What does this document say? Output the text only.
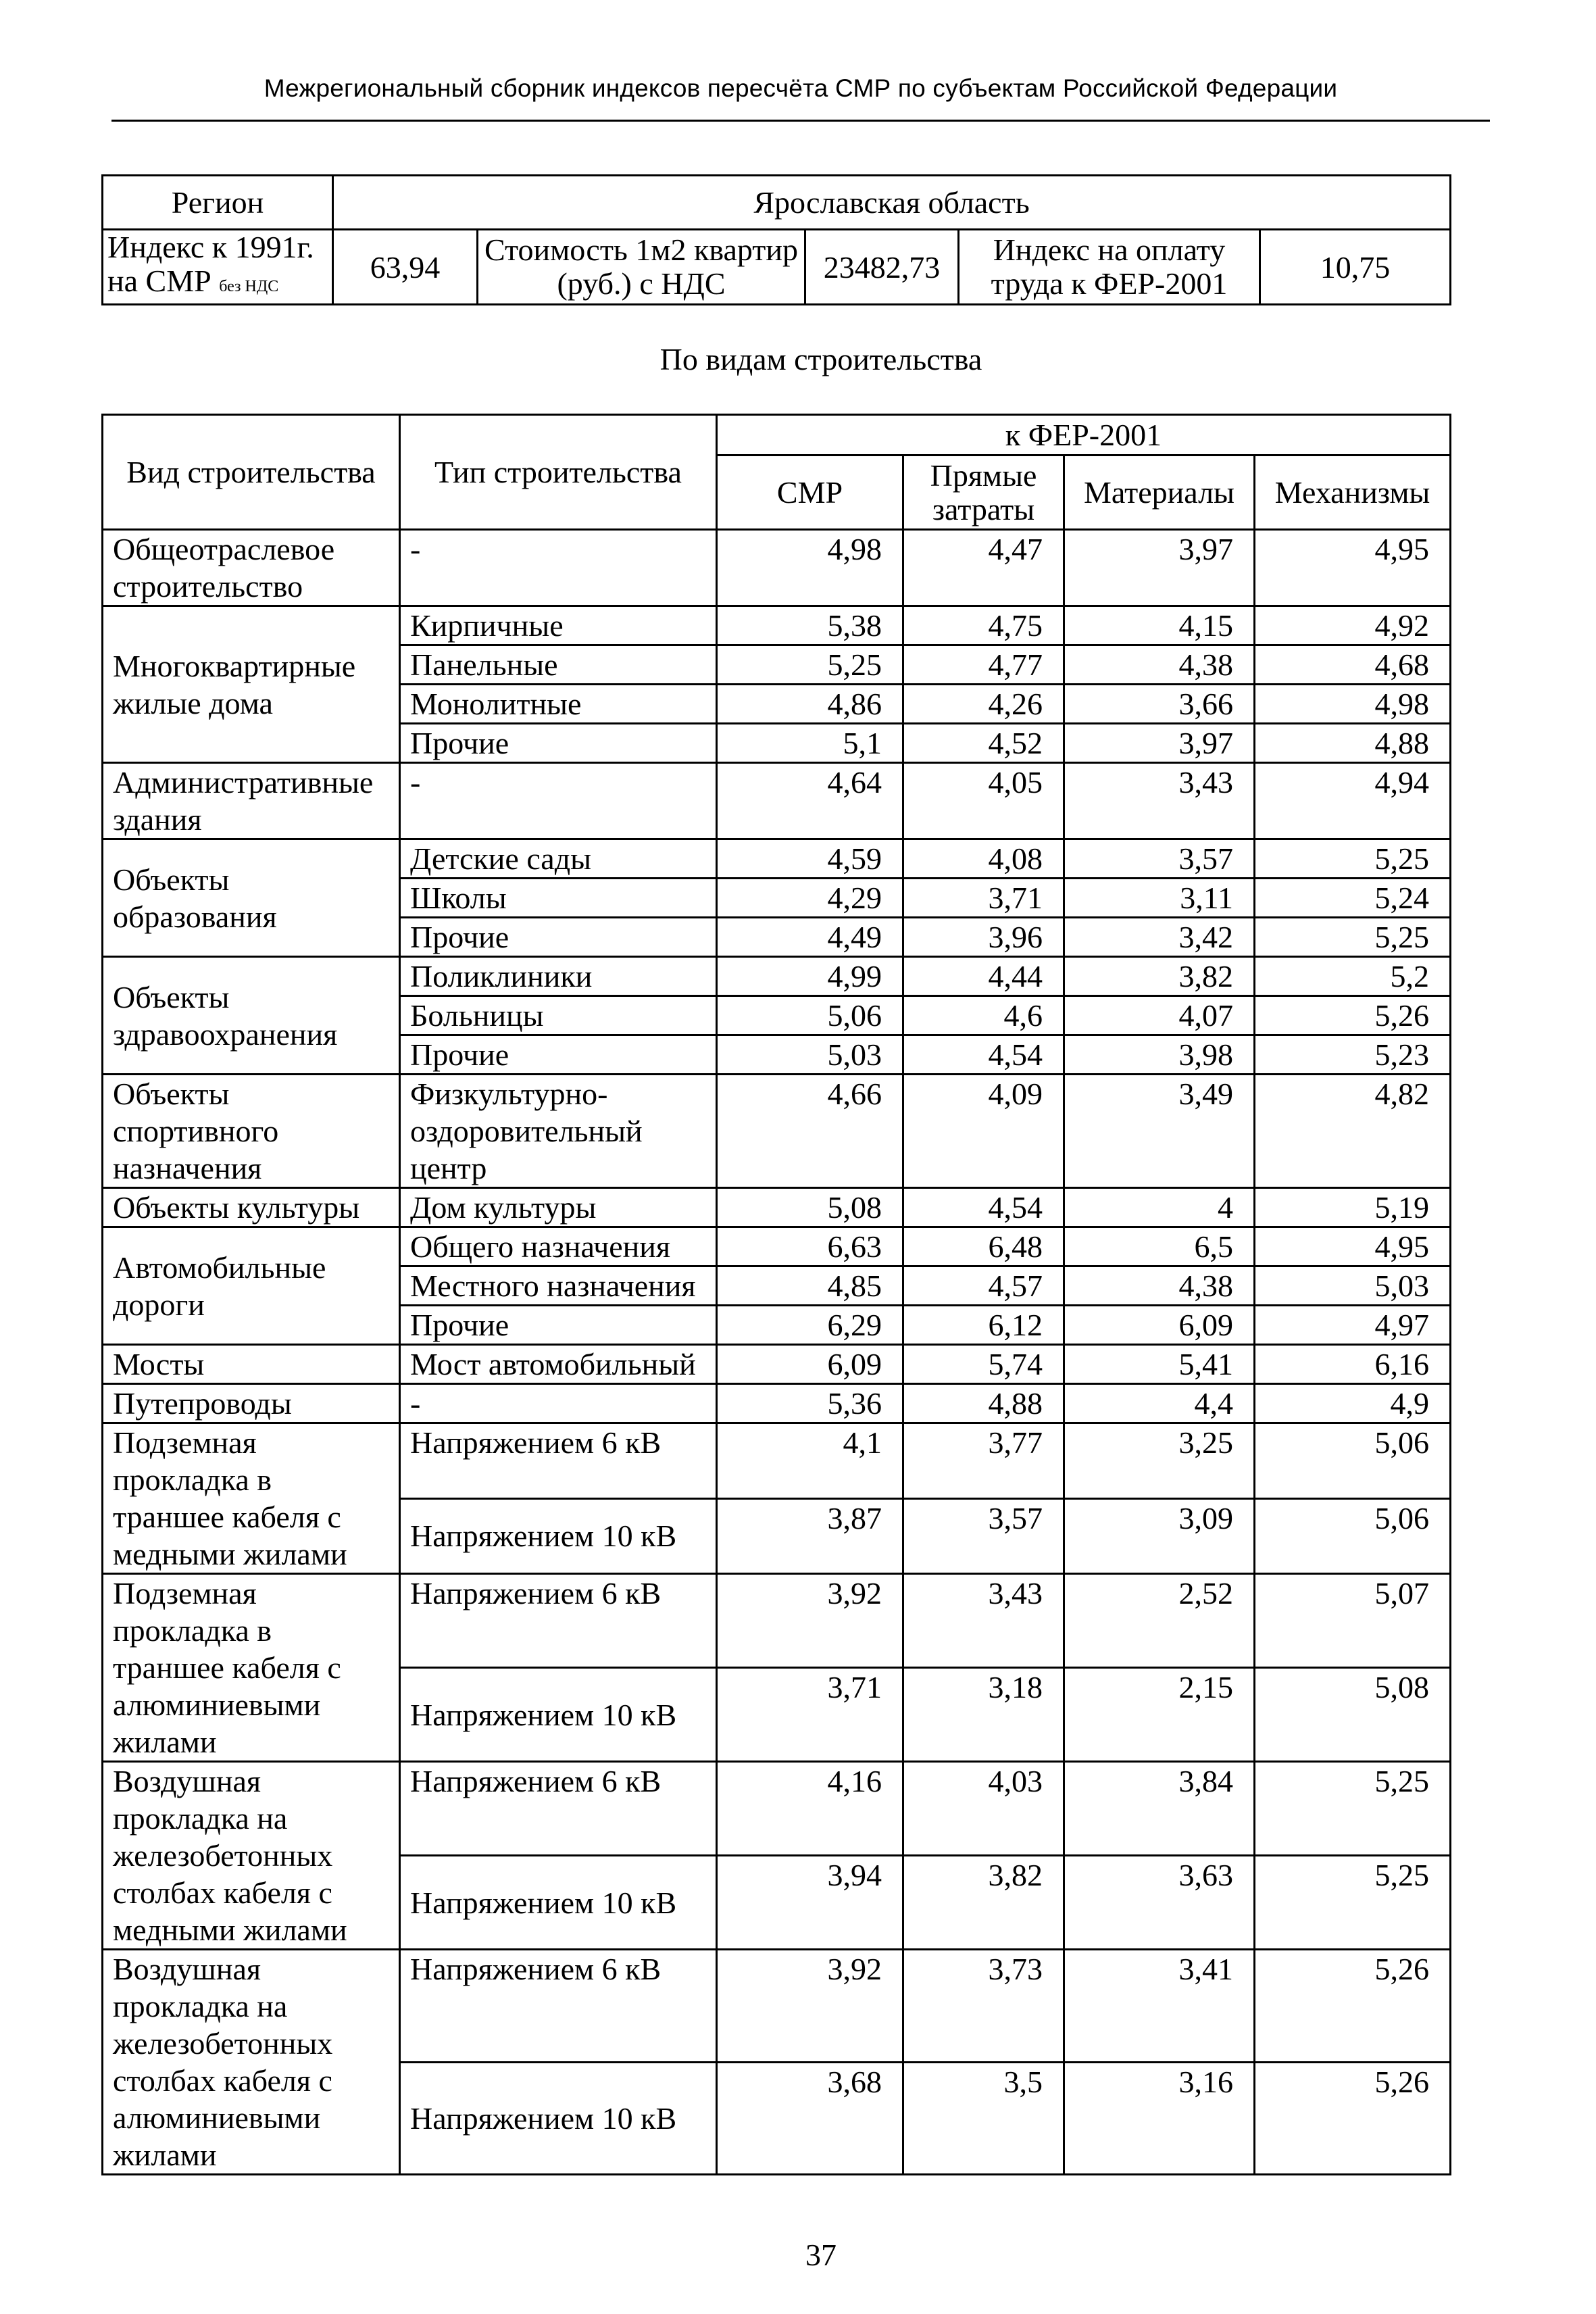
Межрегиональный сборник индексов пересчёта СМР по субъектам Российской Федерации
Регион	Ярославская область				
Индекс к 1991г. на СМР без НДС	63,94	Стоимость 1м2 квартир (руб.) с НДС	23482,73	Индекс на оплату труда к ФЕР-2001	10,75
По видам строительства
Вид строительства	Тип строительства	к ФЕР-2001			
		СМР	Прямые затраты	Материалы	Механизмы
Общеотраслевое строительство	-	4,98	4,47	3,97	4,95
Многоквартирные жилые дома	Кирпичные	5,38	4,75	4,15	4,92
	Панельные	5,25	4,77	4,38	4,68
	Монолитные	4,86	4,26	3,66	4,98
	Прочие	5,1	4,52	3,97	4,88
Административные здания	-	4,64	4,05	3,43	4,94
Объекты образования	Детские сады	4,59	4,08	3,57	5,25
	Школы	4,29	3,71	3,11	5,24
	Прочие	4,49	3,96	3,42	5,25
Объекты здравоохранения	Поликлиники	4,99	4,44	3,82	5,2
	Больницы	5,06	4,6	4,07	5,26
	Прочие	5,03	4,54	3,98	5,23
Объекты спортивного назначения	Физкультурно-оздоровительный центр	4,66	4,09	3,49	4,82
Объекты культуры	Дом культуры	5,08	4,54	4	5,19
Автомобильные дороги	Общего назначения	6,63	6,48	6,5	4,95
	Местного назначения	4,85	4,57	4,38	5,03
	Прочие	6,29	6,12	6,09	4,97
Мосты	Мост автомобильный	6,09	5,74	5,41	6,16
Путепроводы	-	5,36	4,88	4,4	4,9
Подземная прокладка в траншее кабеля с медными жилами	Напряжением 6 кВ	4,1	3,77	3,25	5,06
	Напряжением 10 кВ	3,87	3,57	3,09	5,06
Подземная прокладка в траншее кабеля с алюминиевыми жилами	Напряжением 6 кВ	3,92	3,43	2,52	5,07
	Напряжением 10 кВ	3,71	3,18	2,15	5,08
Воздушная прокладка на железобетонных столбах кабеля с медными жилами	Напряжением 6 кВ	4,16	4,03	3,84	5,25
	Напряжением 10 кВ	3,94	3,82	3,63	5,25
Воздушная прокладка на железобетонных столбах кабеля с алюминиевыми жилами	Напряжением 6 кВ	3,92	3,73	3,41	5,26
	Напряжением 10 кВ	3,68	3,5	3,16	5,26
37
